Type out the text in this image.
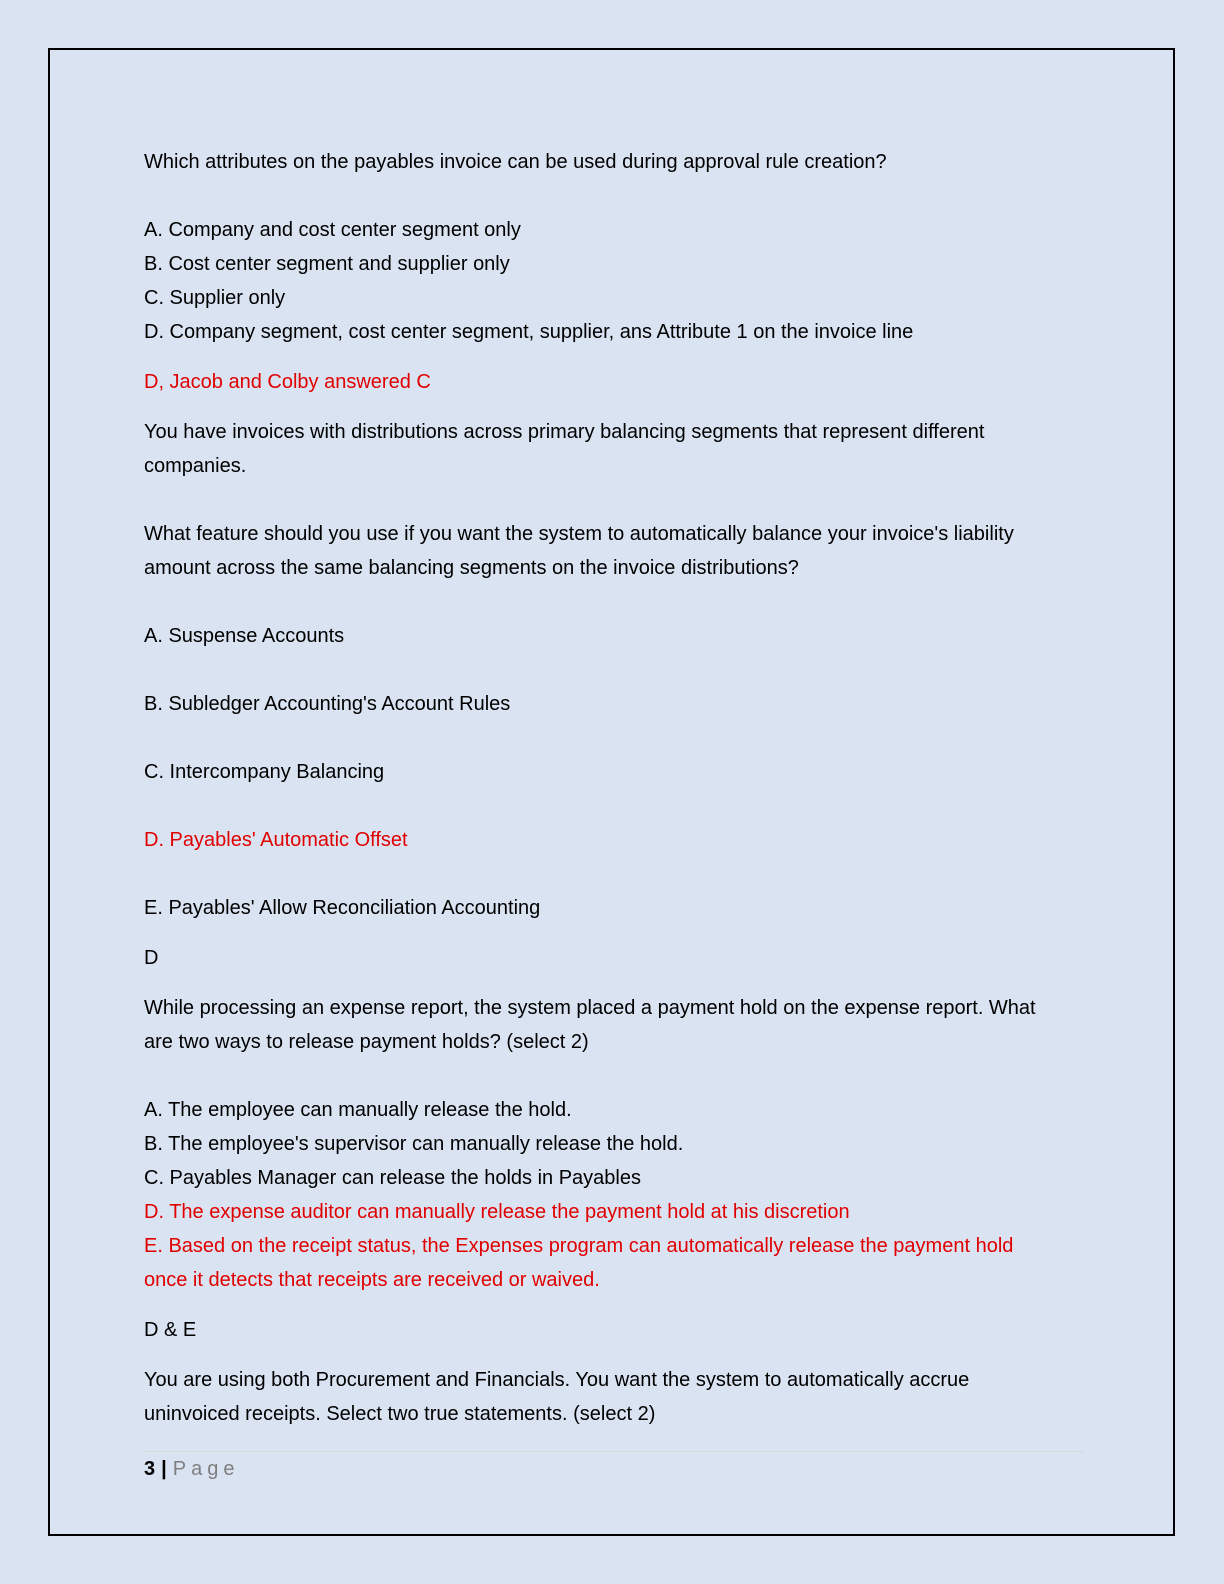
Which attributes on the payables invoice can be used during approval rule creation?

A. Company and cost center segment only

B. Cost center segment and supplier only

C. Supplier only

D. Company segment, cost center segment, supplier, ans Attribute 1 on the invoice line

D, Jacob and Colby answered C

You have invoices with distributions across primary balancing segments that represent different companies.

What feature should you use if you want the system to automatically balance your invoice's liability amount across the same balancing segments on the invoice distributions?

A. Suspense Accounts

B. Subledger Accounting's Account Rules

C. Intercompany Balancing

D. Payables' Automatic Offset

E. Payables' Allow Reconciliation Accounting

D

While processing an expense report, the system placed a payment hold on the expense report. What are two ways to release payment holds? (select 2)

A. The employee can manually release the hold.

B. The employee's supervisor can manually release the hold.

C. Payables Manager can release the holds in Payables

D. The expense auditor can manually release the payment hold at his discretion

E. Based on the receipt status, the Expenses program can automatically release the payment hold once it detects that receipts are received or waived.

D & E

You are using both Procurement and Financials. You want the system to automatically accrue uninvoiced receipts. Select two true statements. (select 2)

3 | Page
